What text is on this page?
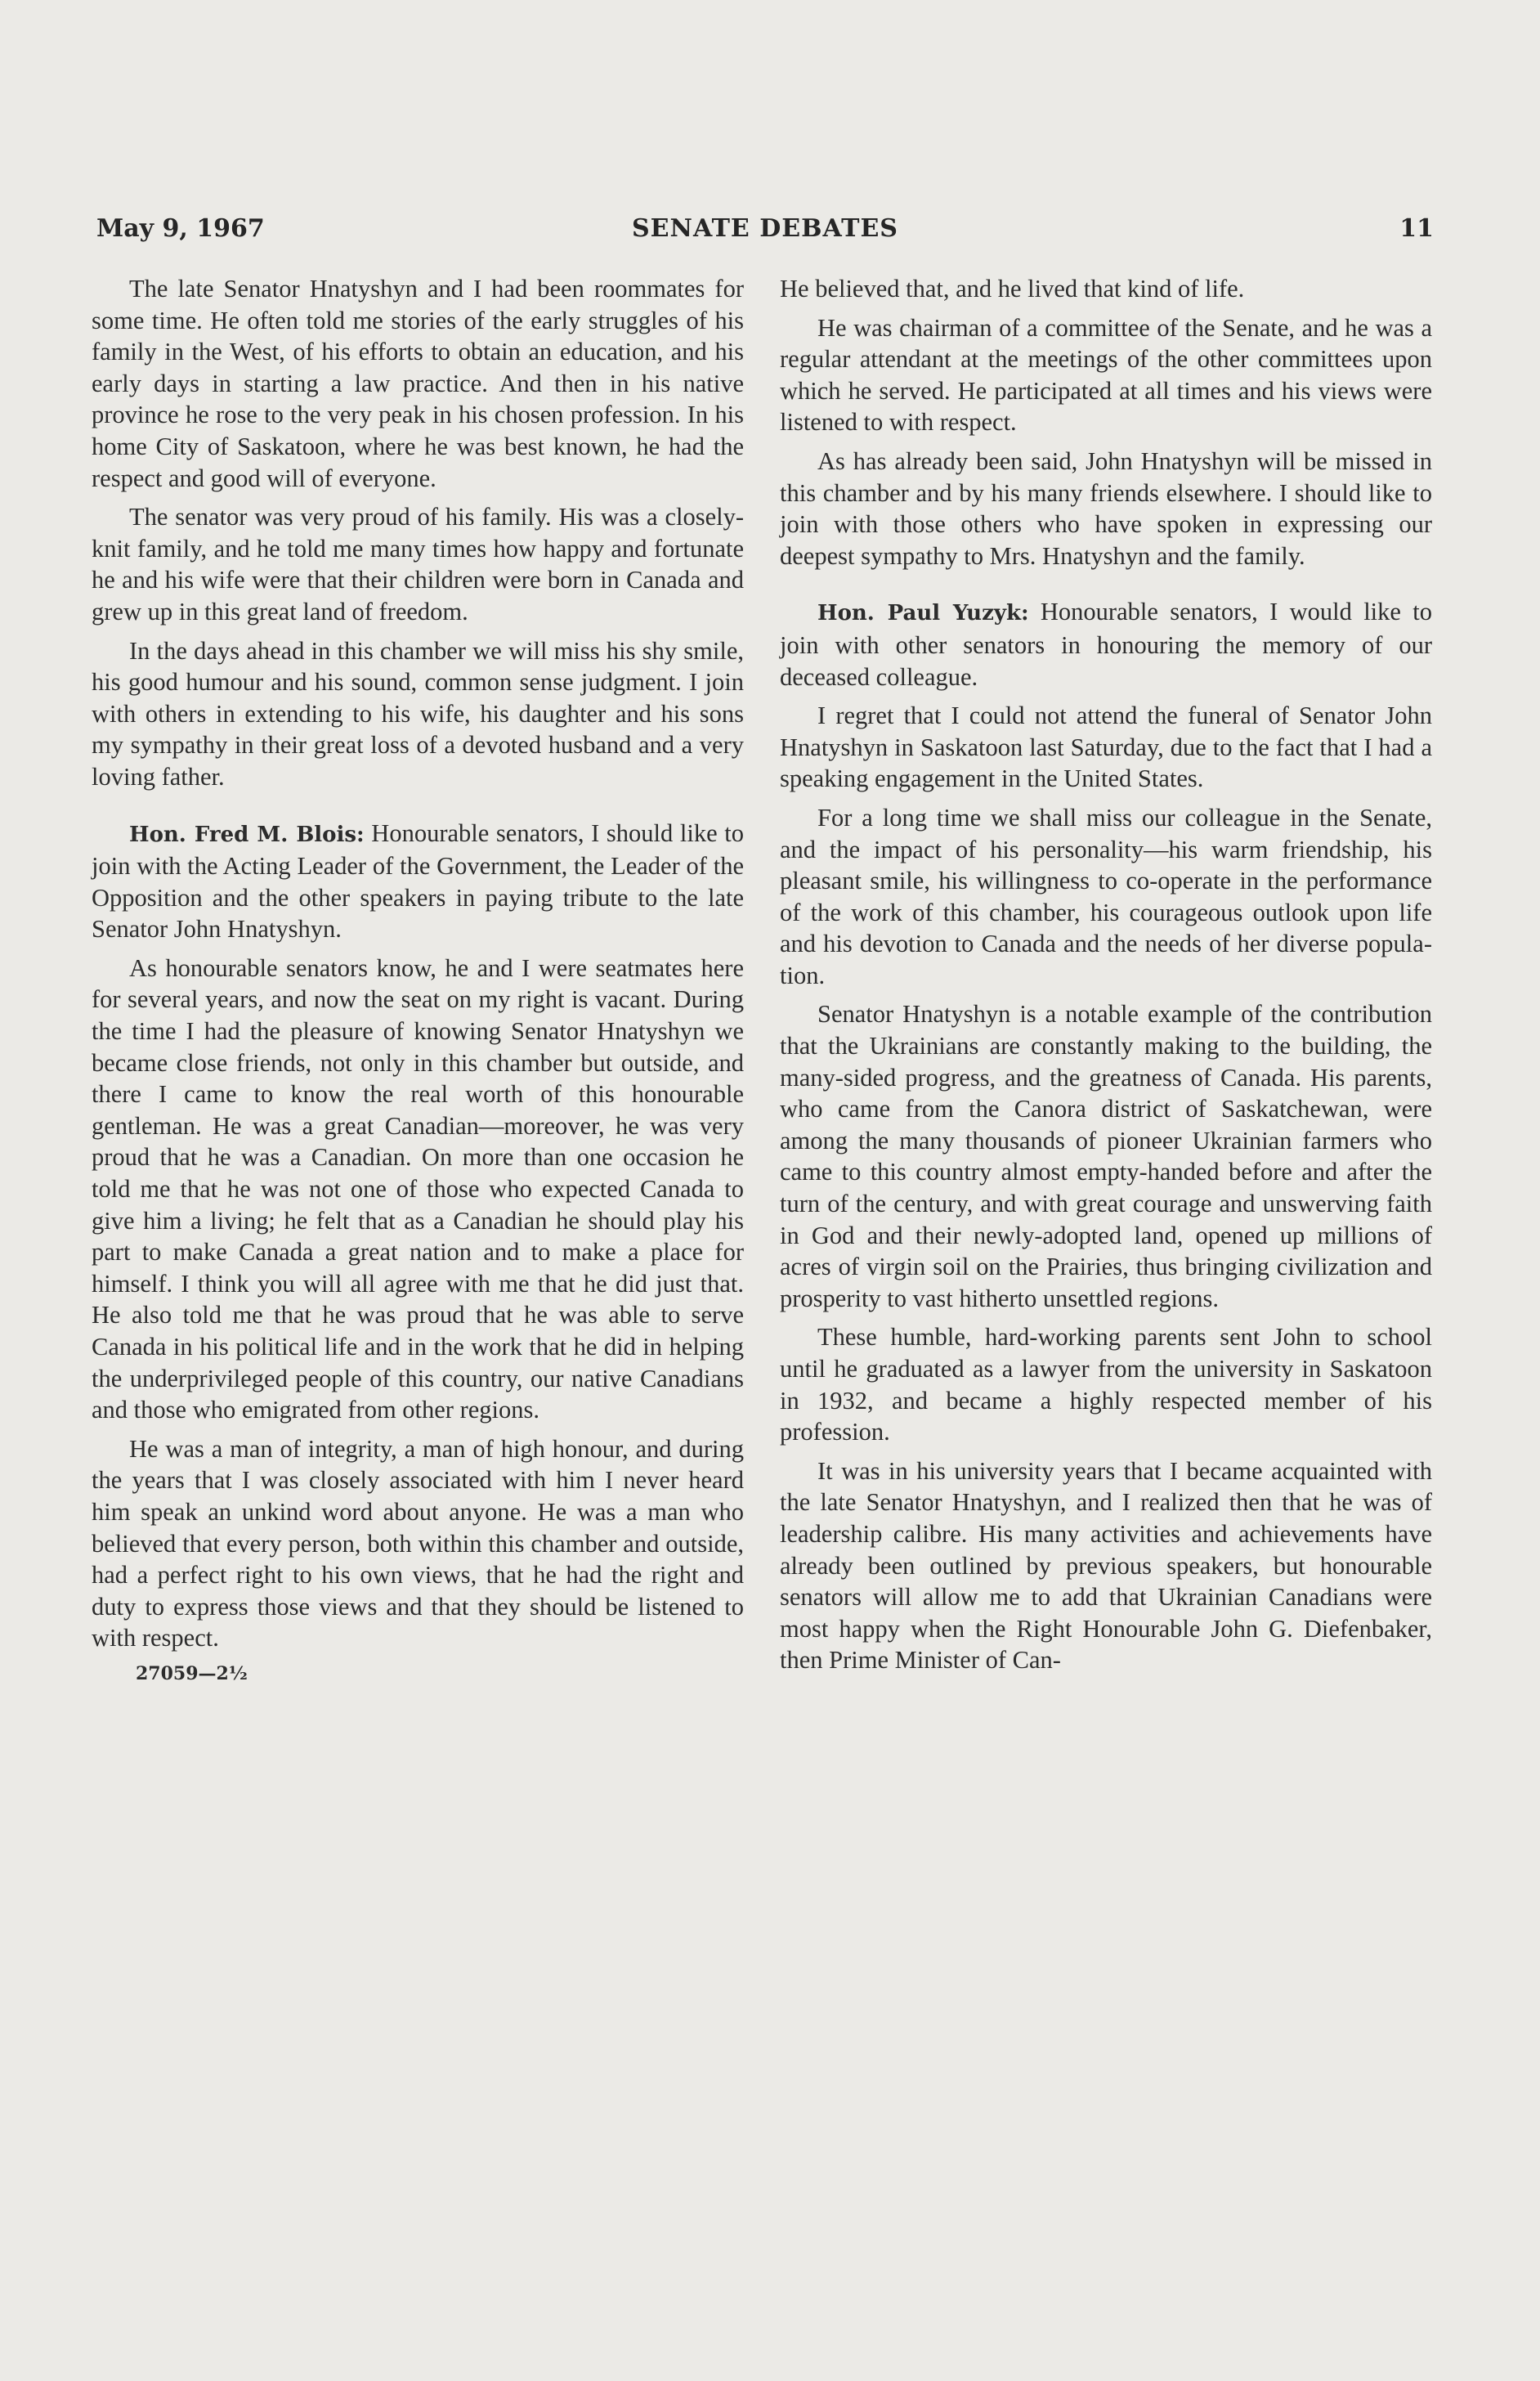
May 9, 1967	SENATE DEBATES	11

The late Senator Hnatyshyn and I had been roommates for some time. He often told me stories of the early struggles of his family in the West, of his efforts to obtain an education, and his early days in starting a law practice. And then in his native province he rose to the very peak in his chosen profession. In his home City of Saskatoon, where he was best known, he had the respect and good will of everyone.

The senator was very proud of his family. His was a closely-knit family, and he told me many times how happy and fortunate he and his wife were that their children were born in Canada and grew up in this great land of freedom.

In the days ahead in this chamber we will miss his shy smile, his good humour and his sound, common sense judgment. I join with others in extending to his wife, his daughter and his sons my sympathy in their great loss of a devoted husband and a very loving father.

Hon. Fred M. Blois: Honourable senators, I should like to join with the Acting Leader of the Government, the Leader of the Opposition and the other speakers in paying tribute to the late Senator John Hnatyshyn.

As honourable senators know, he and I were seatmates here for several years, and now the seat on my right is vacant. During the time I had the pleasure of knowing Senator Hnatyshyn we became close friends, not only in this chamber but outside, and there I came to know the real worth of this honourable gentleman. He was a great Canadian—moreover, he was very proud that he was a Canadian. On more than one occasion he told me that he was not one of those who expected Canada to give him a living; he felt that as a Canadian he should play his part to make Canada a great nation and to make a place for himself. I think you will all agree with me that he did just that. He also told me that he was proud that he was able to serve Canada in his political life and in the work that he did in helping the underprivileged people of this country, our native Canadians and those who emigrated from other regions.

He was a man of integrity, a man of high honour, and during the years that I was closely associated with him I never heard him speak an unkind word about anyone. He was a man who believed that every person, both within this chamber and outside, had a perfect right to his own views, that he had the right and duty to express those views and that they should be listened to with respect.

27059—2½

He believed that, and he lived that kind of life.

He was chairman of a committee of the Senate, and he was a regular attendant at the meetings of the other committees upon which he served. He participated at all times and his views were listened to with respect.

As has already been said, John Hnatyshyn will be missed in this chamber and by his many friends elsewhere. I should like to join with those others who have spoken in expressing our deepest sympathy to Mrs. Hnatyshyn and the family.

Hon. Paul Yuzyk: Honourable senators, I would like to join with other senators in honouring the memory of our deceased colleague.

I regret that I could not attend the funeral of Senator John Hnatyshyn in Saskatoon last Saturday, due to the fact that I had a speaking engagement in the United States.

For a long time we shall miss our colleague in the Senate, and the impact of his personality—his warm friendship, his pleasant smile, his willingness to co-operate in the performance of the work of this chamber, his courageous outlook upon life and his devotion to Canada and the needs of her diverse population.

Senator Hnatyshyn is a notable example of the contribution that the Ukrainians are constantly making to the building, the many-sided progress, and the greatness of Canada. His parents, who came from the Canora district of Saskatchewan, were among the many thousands of pioneer Ukrainian farmers who came to this country almost empty-handed before and after the turn of the century, and with great courage and unswerving faith in God and their newly-adopted land, opened up millions of acres of virgin soil on the Prairies, thus bringing civilization and prosperity to vast hitherto unsettled regions.

These humble, hard-working parents sent John to school until he graduated as a lawyer from the university in Saskatoon in 1932, and became a highly respected member of his profession.

It was in his university years that I became acquainted with the late Senator Hnatyshyn, and I realized then that he was of leadership calibre. His many activities and achievements have already been outlined by previous speakers, but honourable senators will allow me to add that Ukrainian Canadians were most happy when the Right Honourable John G. Diefenbaker, then Prime Minister of Can-
